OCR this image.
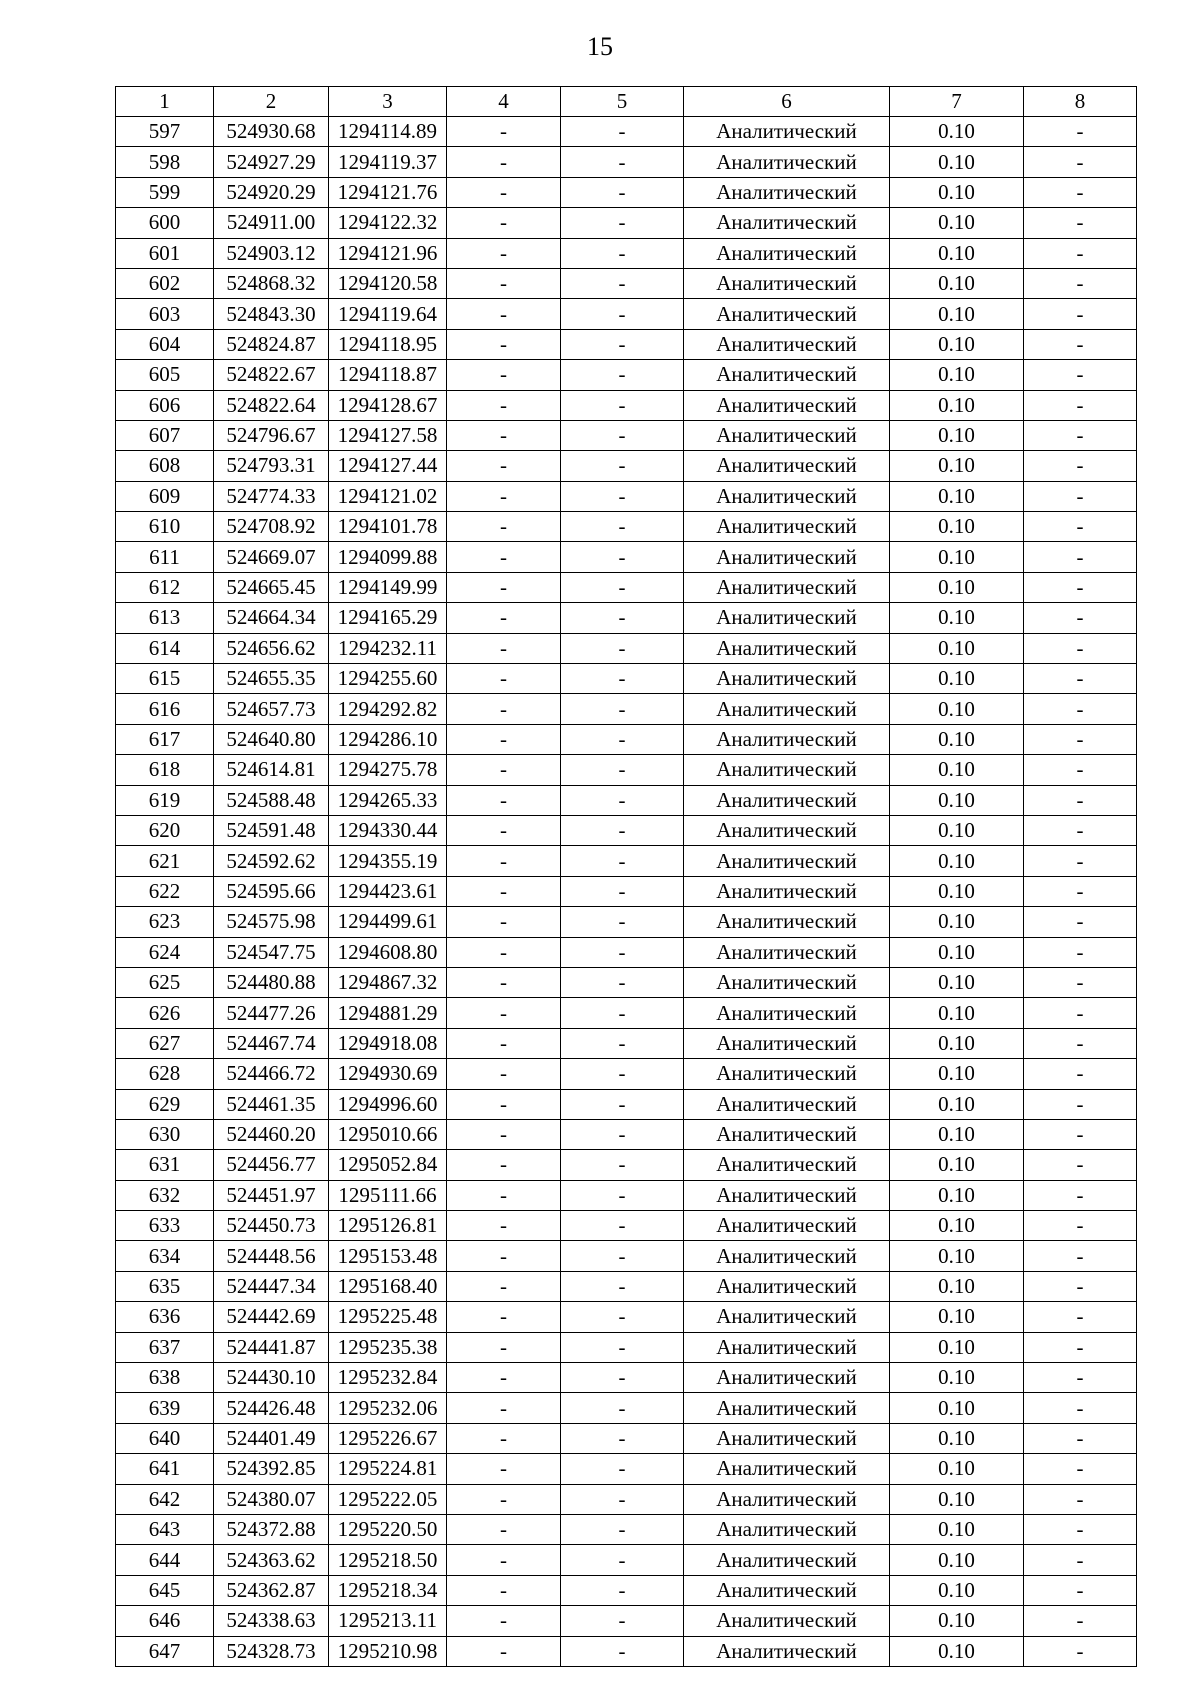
15
1	2	3	4	5	6	7	8
597	524930.68	1294114.89	-	-	Аналитический	0.10	-
598	524927.29	1294119.37	-	-	Аналитический	0.10	-
599	524920.29	1294121.76	-	-	Аналитический	0.10	-
600	524911.00	1294122.32	-	-	Аналитический	0.10	-
601	524903.12	1294121.96	-	-	Аналитический	0.10	-
602	524868.32	1294120.58	-	-	Аналитический	0.10	-
603	524843.30	1294119.64	-	-	Аналитический	0.10	-
604	524824.87	1294118.95	-	-	Аналитический	0.10	-
605	524822.67	1294118.87	-	-	Аналитический	0.10	-
606	524822.64	1294128.67	-	-	Аналитический	0.10	-
607	524796.67	1294127.58	-	-	Аналитический	0.10	-
608	524793.31	1294127.44	-	-	Аналитический	0.10	-
609	524774.33	1294121.02	-	-	Аналитический	0.10	-
610	524708.92	1294101.78	-	-	Аналитический	0.10	-
611	524669.07	1294099.88	-	-	Аналитический	0.10	-
612	524665.45	1294149.99	-	-	Аналитический	0.10	-
613	524664.34	1294165.29	-	-	Аналитический	0.10	-
614	524656.62	1294232.11	-	-	Аналитический	0.10	-
615	524655.35	1294255.60	-	-	Аналитический	0.10	-
616	524657.73	1294292.82	-	-	Аналитический	0.10	-
617	524640.80	1294286.10	-	-	Аналитический	0.10	-
618	524614.81	1294275.78	-	-	Аналитический	0.10	-
619	524588.48	1294265.33	-	-	Аналитический	0.10	-
620	524591.48	1294330.44	-	-	Аналитический	0.10	-
621	524592.62	1294355.19	-	-	Аналитический	0.10	-
622	524595.66	1294423.61	-	-	Аналитический	0.10	-
623	524575.98	1294499.61	-	-	Аналитический	0.10	-
624	524547.75	1294608.80	-	-	Аналитический	0.10	-
625	524480.88	1294867.32	-	-	Аналитический	0.10	-
626	524477.26	1294881.29	-	-	Аналитический	0.10	-
627	524467.74	1294918.08	-	-	Аналитический	0.10	-
628	524466.72	1294930.69	-	-	Аналитический	0.10	-
629	524461.35	1294996.60	-	-	Аналитический	0.10	-
630	524460.20	1295010.66	-	-	Аналитический	0.10	-
631	524456.77	1295052.84	-	-	Аналитический	0.10	-
632	524451.97	1295111.66	-	-	Аналитический	0.10	-
633	524450.73	1295126.81	-	-	Аналитический	0.10	-
634	524448.56	1295153.48	-	-	Аналитический	0.10	-
635	524447.34	1295168.40	-	-	Аналитический	0.10	-
636	524442.69	1295225.48	-	-	Аналитический	0.10	-
637	524441.87	1295235.38	-	-	Аналитический	0.10	-
638	524430.10	1295232.84	-	-	Аналитический	0.10	-
639	524426.48	1295232.06	-	-	Аналитический	0.10	-
640	524401.49	1295226.67	-	-	Аналитический	0.10	-
641	524392.85	1295224.81	-	-	Аналитический	0.10	-
642	524380.07	1295222.05	-	-	Аналитический	0.10	-
643	524372.88	1295220.50	-	-	Аналитический	0.10	-
644	524363.62	1295218.50	-	-	Аналитический	0.10	-
645	524362.87	1295218.34	-	-	Аналитический	0.10	-
646	524338.63	1295213.11	-	-	Аналитический	0.10	-
647	524328.73	1295210.98	-	-	Аналитический	0.10	-
